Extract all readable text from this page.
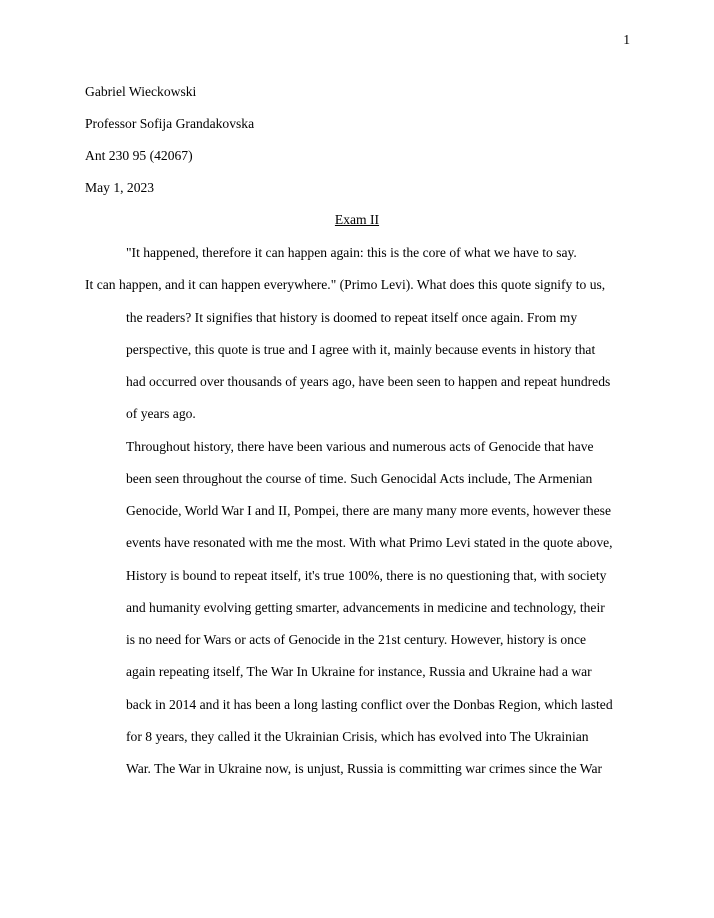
1
Gabriel Wieckowski
Professor Sofija Grandakovska
Ant 230 95 (42067)
May 1, 2023
Exam II
"It happened, therefore it can happen again: this is the core of what we have to say.
It can happen, and it can happen everywhere." (Primo Levi). What does this quote signify to us,
the readers? It signifies that history is doomed to repeat itself once again. From my
perspective, this quote is true and I agree with it, mainly because events in history that
had occurred over thousands of years ago, have been seen to happen and repeat hundreds
of years ago.
Throughout history, there have been various and numerous acts of Genocide that have
been seen throughout the course of time. Such Genocidal Acts include, The Armenian
Genocide, World War I and II, Pompei, there are many many more events, however these
events have resonated with me the most. With what Primo Levi stated in the quote above,
History is bound to repeat itself, it's true 100%, there is no questioning that, with society
and humanity evolving getting smarter, advancements in medicine and technology, their
is no need for Wars or acts of Genocide in the 21st century. However, history is once
again repeating itself, The War In Ukraine for instance, Russia and Ukraine had a war
back in 2014 and it has been a long lasting conflict over the Donbas Region, which lasted
for 8 years, they called it the Ukrainian Crisis, which has evolved into The Ukrainian
War. The War in Ukraine now, is unjust, Russia is committing war crimes since the War
